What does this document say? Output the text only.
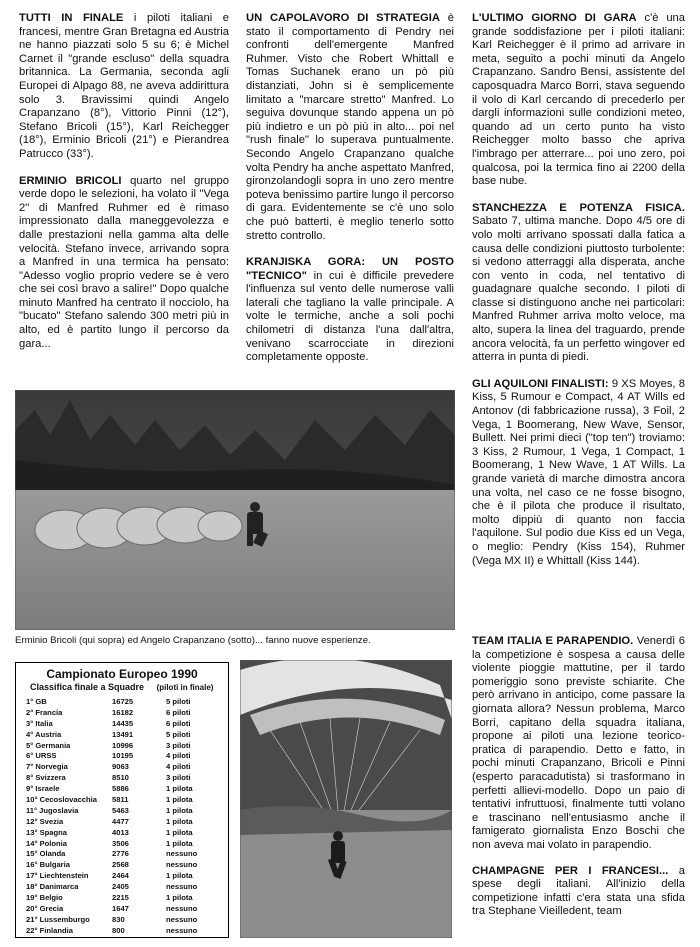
TUTTI IN FINALE i piloti italiani e francesi, mentre Gran Bretagna ed Austria ne hanno piazzati solo 5 su 6; è Michel Carnet il "grande escluso" della squadra britannica. La Germania, seconda agli Europei di Alpago 88, ne aveva addirittura solo 3. Bravissimi quindi Angelo Crapanzano (8°), Vittorio Pinni (12°), Stefano Bricoli (15°), Karl Reichegger (18°), Erminio Bricoli (21°) e Pierandrea Patrucco (33°).

ERMINIO BRICOLI quarto nel gruppo verde dopo le selezioni, ha volato il "Vega 2" di Manfred Ruhmer ed è rimaso impressionato dalla maneggevolezza e dalle prestazioni nella gamma alta delle velocità. Stefano invece, arrivando sopra a Manfred in una termica ha pensato: "Adesso voglio proprio vedere se è vero che sei così bravo a salire!" Dopo qualche minuto Manfred ha centrato il nocciolo, ha "bucato" Stefano salendo 300 metri più in alto, ed è partito lungo il percorso da gara...

UN CAPOLAVORO DI STRATEGIA è stato il comportamento di Pendry nei confronti dell'emergente Manfred Ruhmer. Visto che Robert Whittall e Tomas Suchanek erano un pò più distanziati, John si è semplicemente limitato a "marcare stretto" Manfred. Lo seguiva dovunque stando appena un pò più indietro e un pò più in alto... poi nel "rush finale" lo superava puntualmente. Secondo Angelo Crapanzano qualche volta Pendry ha anche aspettato Manfred, gironzolandogli sopra in uno zero mentre poteva benissimo partire lungo il percorso di gara. Evidentemente se c'è uno solo che può batterti, è meglio tenerlo sotto stretto controllo.

KRANJISKA GORA: UN POSTO "TECNICO" in cui è difficile prevedere l'influenza sul vento delle numerose valli laterali che tagliano la valle principale. A volte le termiche, anche a soli pochi chilometri di distanza l'una dall'altra, venivano scarrocciate in direzioni completamente opposte.

L'ULTIMO GIORNO DI GARA c'è una grande soddisfazione per i piloti italiani: Karl Reichegger è il primo ad arrivare in meta, seguito a pochi minuti da Angelo Crapanzano. Sandro Bensi, assistente del caposquadra Marco Borri, stava seguendo il volo di Karl cercando di precederlo per dargli informazioni sulle condizioni meteo, quando ad un certo punto ha visto Reichegger molto basso che apriva l'imbrago per atterrare... poi uno zero, poi qualcosa, poi la termica fino ai 2200 della base nube.

STANCHEZZA E POTENZA FISICA. Sabato 7, ultima manche. Dopo 4/5 ore di volo molti arrivano spossati dalla fatica a causa delle condizioni piuttosto turbolente: si vedono atterraggi alla disperata, anche con vento in coda, nel tentativo di guadagnare qualche secondo. I piloti di classe si distinguono anche nei particolari: Manfred Ruhmer arriva molto veloce, ma alto, supera la linea del traguardo, prende ancora velocità, fa un perfetto wingover ed atterra in punta di piedi.

GLI AQUILONI FINALISTI: 9 XS Moyes, 8 Kiss, 5 Rumour e Compact, 4 AT Wills ed Antonov (di fabbricazione russa), 3 Foil, 2 Vega, 1 Boomerang, New Wave, Sensor, Bullett. Nei primi dieci ("top ten") troviamo: 3 Kiss, 2 Rumour, 1 Vega, 1 Compact, 1 Boomerang, 1 New Wave, 1 AT Wills. La grande varietà di marche dimostra ancora una volta, nel caso ce ne fosse bisogno, che è il pilota che produce il risultato, molto dippiù di quanto non faccia l'aquilone. Sul podio due Kiss ed un Vega, o meglio: Pendry (Kiss 154), Ruhmer (Vega MX II) e Whittall (Kiss 144).

TEAM ITALIA E PARAPENDIO. Venerdì 6 la competizione è sospesa a causa delle violente pioggie mattutine, per il tardo pomeriggio sono previste schiarite. Che però arrivano in anticipo, come passare la giornata allora? Nessun problema, Marco Borri, capitano della squadra italiana, propone ai piloti una lezione teorico-pratica di parapendio. Detto e fatto, in pochi minuti Crapanzano, Bricoli e Pinni (esperto paracadutista) si trasformano in perfetti allievi-modello. Dopo un paio di tentativi infruttuosi, finalmente tutti volano e trascinano nell'entusiasmo anche il famigerato giornalista Enzo Boschi che non aveva mai volato in parapendio.

CHAMPAGNE PER I FRANCESI... a spese degli italiani. All'inizio della competizione infatti c'era stata una sfida tra Stephane Vieilledent, team

Erminio Bricoli (qui sopra) ed Angelo Crapanzano (sotto)... fanno nuove esperienze.
Campionato Europeo 1990
Classifica finale a Squadre (piloti in finale)
1° GB	16725	5 piloti
2° Francia	16182	6 piloti
3° Italia	14435	6 piloti
4° Austria	13491	5 piloti
5° Germania	10996	3 piloti
6° URSS	10195	4 piloti
7° Norvegia	9063	4 piloti
8° Svizzera	8510	3 piloti
9° Israele	5886	1 pilota
10° Cecoslovacchia	5811	1 pilota
11° Jugoslavia	5463	1 pilota
12° Svezia	4477	1 pilota
13° Spagna	4013	1 pilota
14° Polonia	3506	1 pilota
15° Olanda	2776	nessuno
16° Bulgaria	2568	nessuno
17° Liechtenstein	2464	1 pilota
18° Danimarca	2405	nessuno
19° Belgio	2215	1 pilota
20° Grecia	1647	nessuno
21° Lussemburgo	830	nessuno
22° Finlandia	800	nessuno
